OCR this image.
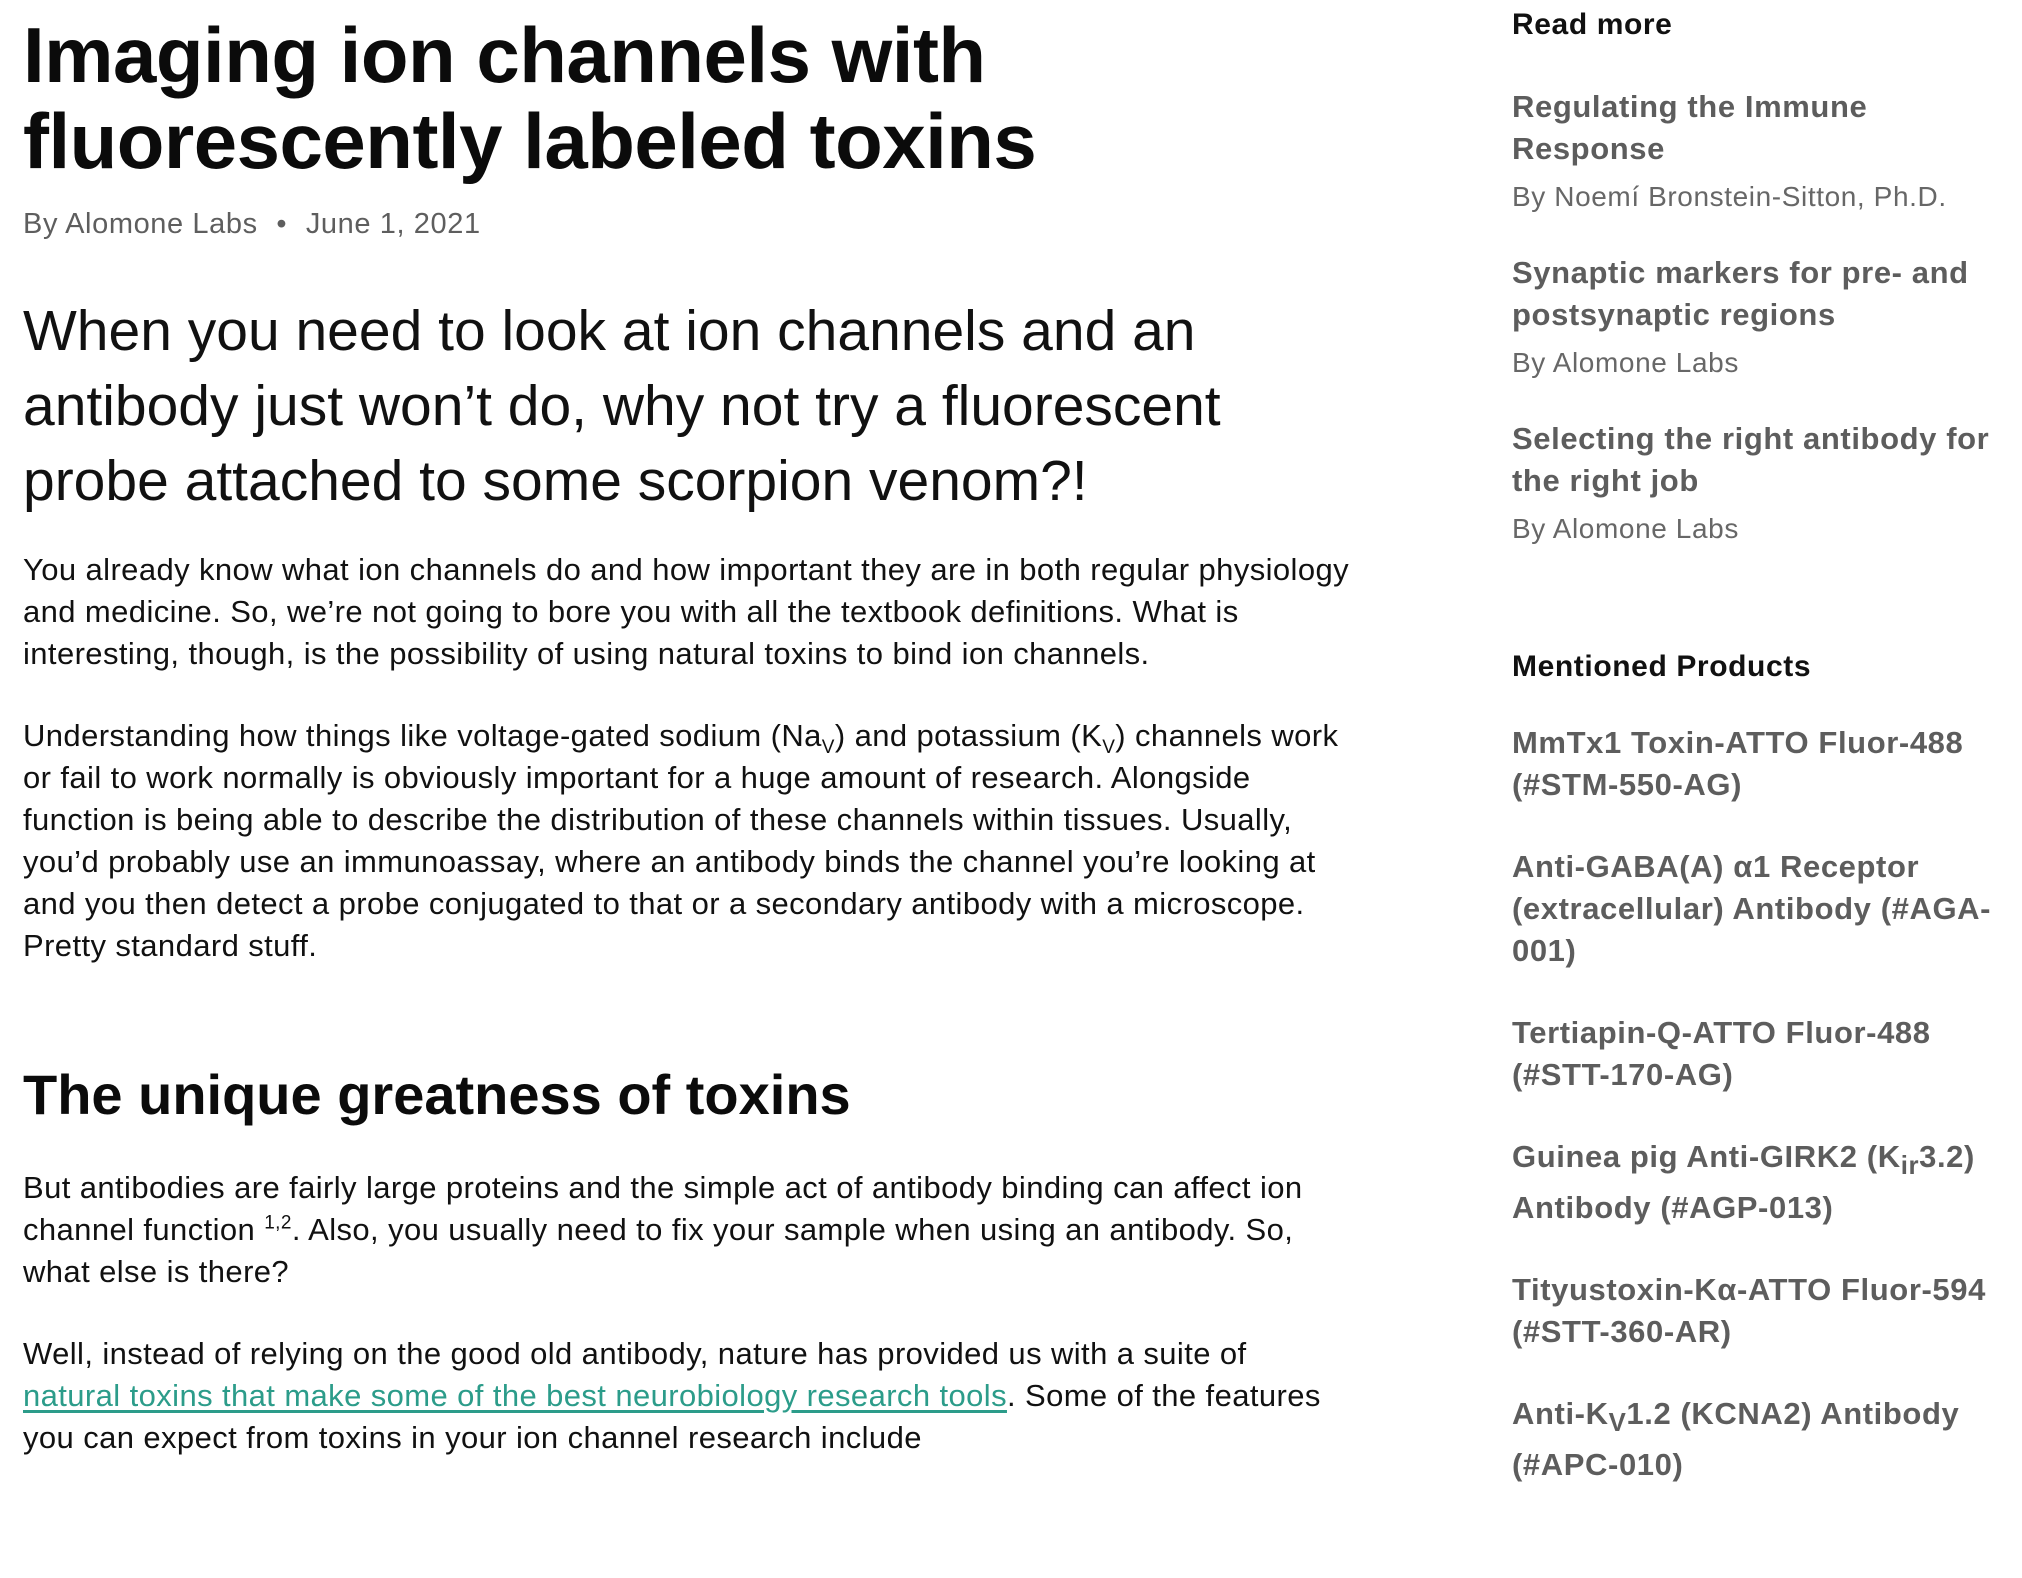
Imaging ion channels with fluorescently labeled toxins
By Alomone Labs • June 1, 2021
When you need to look at ion channels and an antibody just won’t do, why not try a fluorescent probe attached to some scorpion venom?!

You already know what ion channels do and how important they are in both regular physiology and medicine. So, we’re not going to bore you with all the textbook definitions. What is interesting, though, is the possibility of using natural toxins to bind ion channels.

Understanding how things like voltage-gated sodium $(Na_V)$ and potassium $(K_V)$ channels work or fail to work normally is obviously important for a huge amount of research. Alongside function is being able to describe the distribution of these channels within tissues. Usually, you’d probably use an immunoassay, where an antibody binds the channel you’re looking at and you then detect a probe conjugated to that or a secondary antibody with a microscope. Pretty standard stuff.

The unique greatness of toxins

But antibodies are fairly large proteins and the simple act of antibody binding can affect ion channel function $^{1,2}$. Also, you usually need to fix your sample when using an antibody. So, what else is there?

Well, instead of relying on the good old antibody, nature has provided us with a suite of natural toxins that make some of the best neurobiology research tools. Some of the features you can expect from toxins in your ion channel research include

Read more
Regulating the Immune Response
By Noemí Bronstein-Sitton, Ph.D.
Synaptic markers for pre- and postsynaptic regions
By Alomone Labs
Selecting the right antibody for the right job
By Alomone Labs
Mentioned Products
MmTx1 Toxin-ATTO Fluor-488 (#STM-550-AG)
Anti-GABA(A) α1 Receptor (extracellular) Antibody (#AGA-001)
Tertiapin-Q-ATTO Fluor-488 (#STT-170-AG)
Guinea pig Anti-GIRK2 $(K_{ir}3.2)$ Antibody (#AGP-013)
Tityustoxin-Kα-ATTO Fluor-594 (#STT-360-AR)
Anti-$K_V1.2$ (KCNA2) Antibody (#APC-010)
